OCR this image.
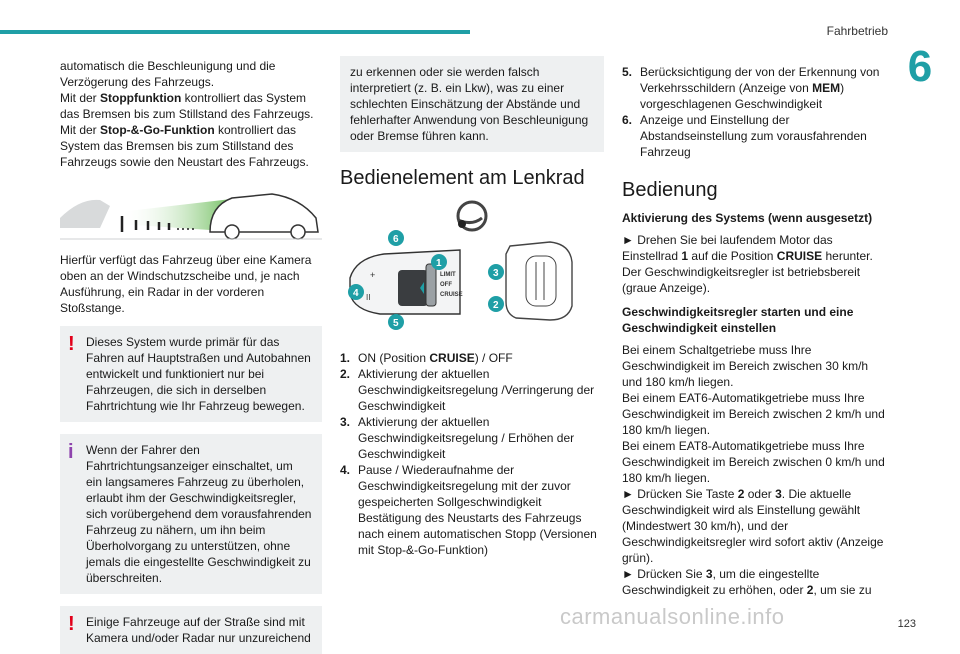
Fahrbetrieb
6

automatisch die Beschleunigung und die
Verzögerung des Fahrzeugs.
Mit der Stoppfunktion kontrolliert das System das Bremsen bis zum Stillstand des Fahrzeugs.
Mit der Stop-&-Go-Funktion kontrolliert das System das Bremsen bis zum Stillstand des Fahrzeugs sowie den Neustart des Fahrzeugs.

Hierfür verfügt das Fahrzeug über eine Kamera oben an der Windschutzscheibe und, je nach Ausführung, ein Radar in der vorderen Stoßstange.

! Dieses System wurde primär für das Fahren auf Hauptstraßen und Autobahnen entwickelt und funktioniert nur bei Fahrzeugen, die sich in derselben Fahrtrichtung wie Ihr Fahrzeug bewegen.
i Wenn der Fahrer den Fahrtrichtungsanzeiger einschaltet, um ein langsameres Fahrzeug zu überholen, erlaubt ihm der Geschwindigkeitsregler, sich vorübergehend dem vorausfahrenden Fahrzeug zu nähern, um ihn beim Überholvorgang zu unterstützen, ohne jemals die eingestellte Geschwindigkeit zu überschreiten.
! Einige Fahrzeuge auf der Straße sind mit Kamera und/oder Radar nur unzureichend
zu erkennen oder sie werden falsch interpretiert (z. B. ein Lkw), was zu einer schlechten Einschätzung der Abstände und fehlerhafter Anwendung von Beschleunigung oder Bremse führen kann.
Bedienelement am Lenkrad
+
II
LIMIT
OFF
CRUISE
6
1
4
5
3
2
1. ON (Position CRUISE) / OFF
2. Aktivierung der aktuellen Geschwindigkeitsregelung /Verringerung der Geschwindigkeit
3. Aktivierung der aktuellen Geschwindigkeitsregelung / Erhöhen der Geschwindigkeit
4. Pause / Wiederaufnahme der Geschwindigkeitsregelung mit der zuvor gespeicherten Sollgeschwindigkeit
Bestätigung des Neustarts des Fahrzeugs nach einem automatischen Stopp (Versionen mit Stop-&-Go-Funktion)
5. Berücksichtigung der von der Erkennung von Verkehrsschildern (Anzeige von MEM) vorgeschlagenen Geschwindigkeit
6. Anzeige und Einstellung der Abstandseinstellung zum vorausfahrenden Fahrzeug
Bedienung

Aktivierung des Systems (wenn ausgesetzt)

► Drehen Sie bei laufendem Motor das Einstellrad 1 auf die Position CRUISE herunter. Der Geschwindigkeitsregler ist betriebsbereit (graue Anzeige).

Geschwindigkeitsregler starten und eine Geschwindigkeit einstellen

Bei einem Schaltgetriebe muss Ihre Geschwindigkeit im Bereich zwischen 30 km/h und 180 km/h liegen.
Bei einem EAT6-Automatikgetriebe muss Ihre Geschwindigkeit im Bereich zwischen 2 km/h und 180 km/h liegen.
Bei einem EAT8-Automatikgetriebe muss Ihre Geschwindigkeit im Bereich zwischen 0 km/h und 180 km/h liegen.
► Drücken Sie Taste 2 oder 3. Die aktuelle Geschwindigkeit wird als Einstellung gewählt (Mindestwert 30 km/h), und der Geschwindigkeitsregler wird sofort aktiv (Anzeige grün).
► Drücken Sie 3, um die eingestellte Geschwindigkeit zu erhöhen, oder 2, um sie zu

carmanualsonline.info	123
